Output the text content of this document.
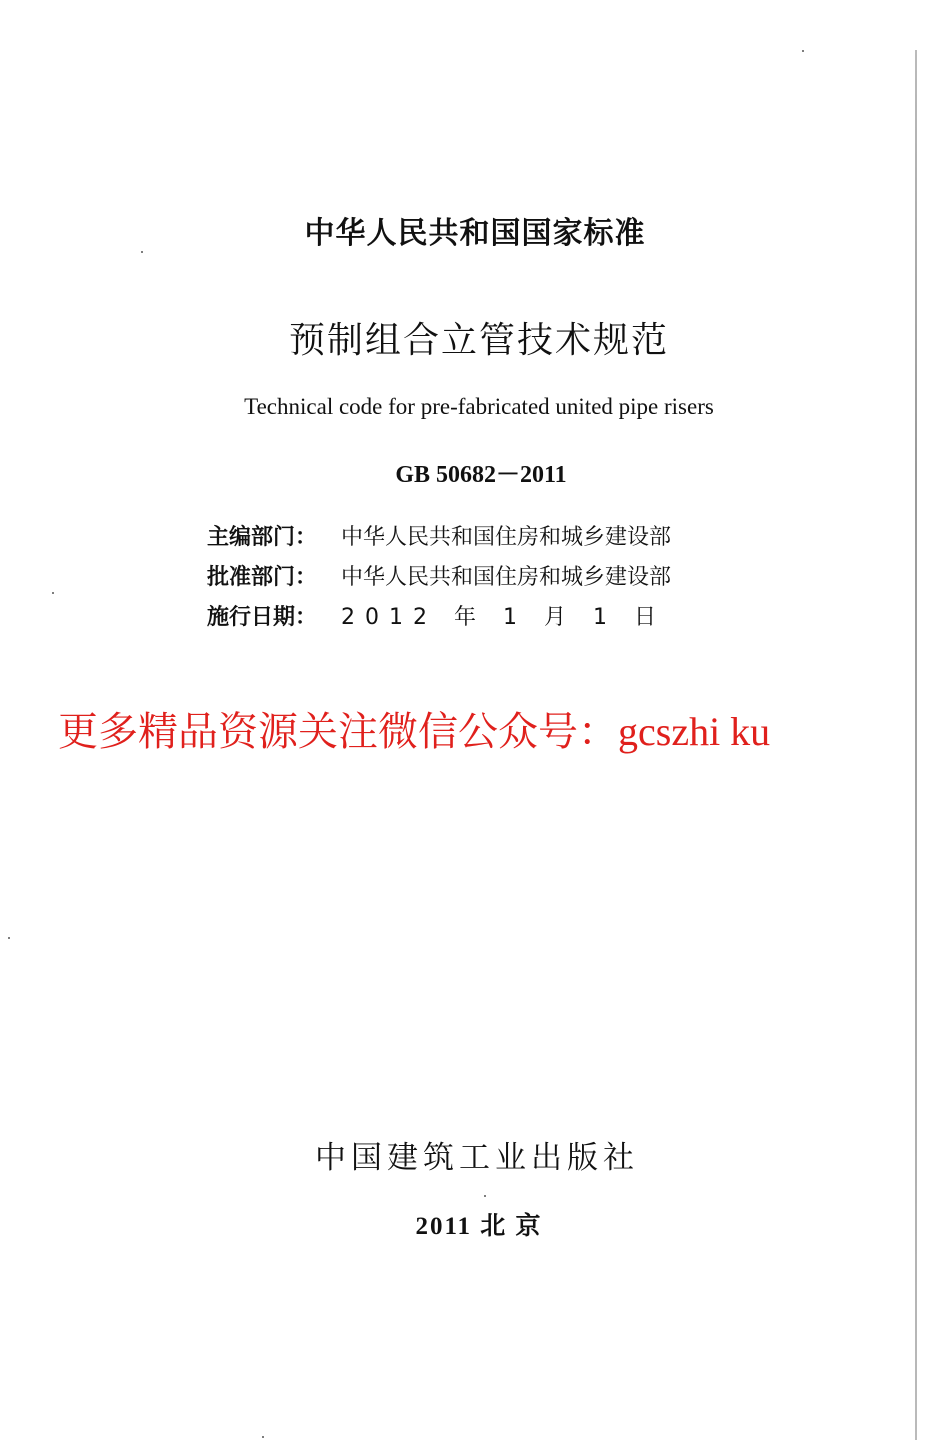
中华人民共和国国家标准
预制组合立管技术规范
Technical code for pre-fabricated united pipe risers
GB 50682－2011
主编部门：	中华人民共和国住房和城乡建设部
批准部门：	中华人民共和国住房和城乡建设部
施行日期：	2012 年 1 月 1 日
更多精品资源关注微信公众号：gcszhi ku
中国建筑工业出版社
2011 北 京
